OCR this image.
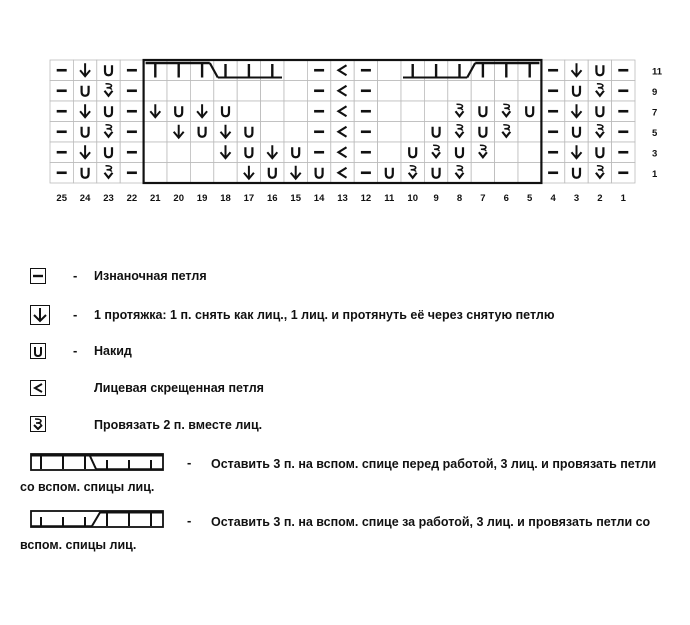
25 24 23 22 21 20 19 18 17 16 15 14 13 12 11 10 9 8 7 6 5 4 3 2 1
11
9
7
5
3
1
- Изнаночная петля
- 1 протяжка: 1 п. снять как лиц., 1 лиц. и протянуть её через снятую петлю
- Накид
Лицевая скрещенная петля
Провязать 2 п. вместе лиц.
- Оставить 3 п. на вспом. спице перед работой, 3 лиц. и провязать петли
со вспом. спицы лиц.
- Оставить 3 п. на вспом. спице за работой, 3 лиц. и провязать петли со
вспом. спицы лиц.
